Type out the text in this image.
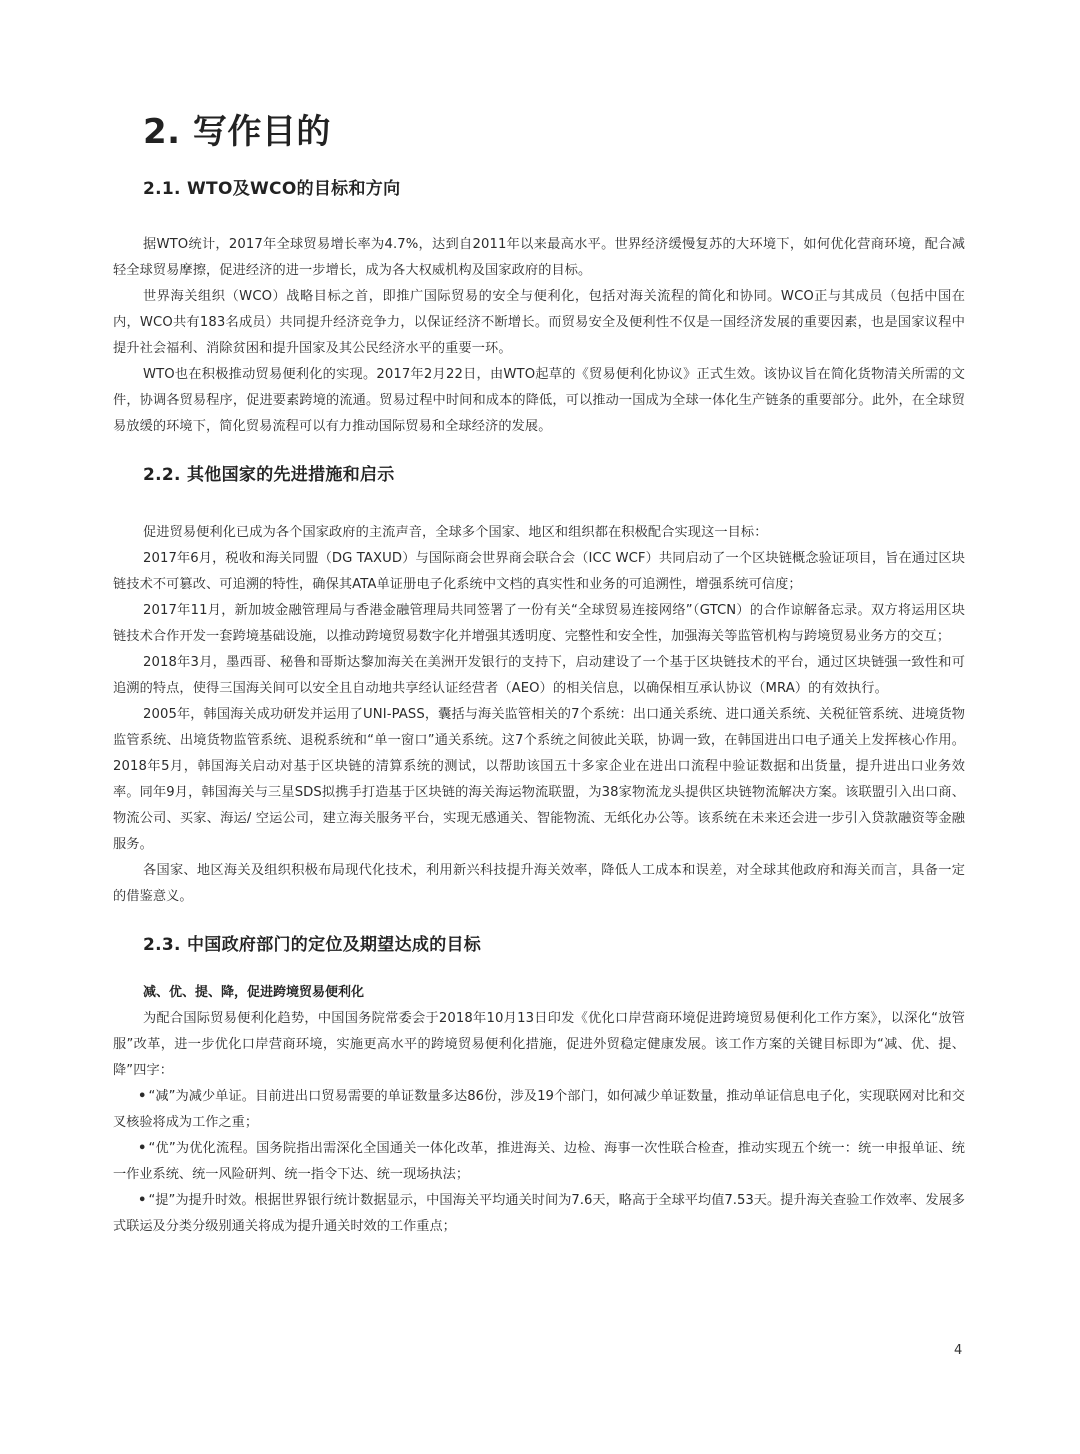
2. 写作目的
2.1. WTO及WCO的目标和方向

据WTO统计，2017年全球贸易增长率为4.7%，达到自2011年以来最高水平。世界经济缓慢复苏的大环境下，如何优化营商环境，配合减轻全球贸易摩擦，促进经济的进一步增长，成为各大权威机构及国家政府的目标。

世界海关组织（WCO）战略目标之首，即推广国际贸易的安全与便利化，包括对海关流程的简化和协同。WCO正与其成员（包括中国在内，WCO共有183名成员）共同提升经济竞争力，以保证经济不断增长。而贸易安全及便利性不仅是一国经济发展的重要因素，也是国家议程中提升社会福利、消除贫困和提升国家及其公民经济水平的重要一环。

WTO也在积极推动贸易便利化的实现。2017年2月22日，由WTO起草的《贸易便利化协议》正式生效。该协议旨在简化货物清关所需的文件，协调各贸易程序，促进要素跨境的流通。贸易过程中时间和成本的降低，可以推动一国成为全球一体化生产链条的重要部分。此外，在全球贸易放缓的环境下，简化贸易流程可以有力推动国际贸易和全球经济的发展。

2.2. 其他国家的先进措施和启示

促进贸易便利化已成为各个国家政府的主流声音，全球多个国家、地区和组织都在积极配合实现这一目标：

2017年6月，税收和海关同盟（DG TAXUD）与国际商会世界商会联合会（ICC WCF）共同启动了一个区块链概念验证项目，旨在通过区块链技术不可篡改、可追溯的特性，确保其ATA单证册电子化系统中文档的真实性和业务的可追溯性，增强系统可信度；

2017年11月，新加坡金融管理局与香港金融管理局共同签署了一份有关“全球贸易连接网络”（GTCN）的合作谅解备忘录。双方将运用区块链技术合作开发一套跨境基础设施，以推动跨境贸易数字化并增强其透明度、完整性和安全性，加强海关等监管机构与跨境贸易业务方的交互；

2018年3月，墨西哥、秘鲁和哥斯达黎加海关在美洲开发银行的支持下，启动建设了一个基于区块链技术的平台，通过区块链强一致性和可追溯的特点，使得三国海关间可以安全且自动地共享经认证经营者（AEO）的相关信息，以确保相互承认协议（MRA）的有效执行。

2005年，韩国海关成功研发并运用了UNI-PASS，囊括与海关监管相关的7个系统：出口通关系统、进口通关系统、关税征管系统、进境货物监管系统、出境货物监管系统、退税系统和“单一窗口”通关系统。这7个系统之间彼此关联，协调一致，在韩国进出口电子通关上发挥核心作用。2018年5月，韩国海关启动对基于区块链的清算系统的测试，以帮助该国五十多家企业在进出口流程中验证数据和出货量，提升进出口业务效率。同年9月，韩国海关与三星SDS拟携手打造基于区块链的海关海运物流联盟，为38家物流龙头提供区块链物流解决方案。该联盟引入出口商、物流公司、买家、海运/ 空运公司，建立海关服务平台，实现无感通关、智能物流、无纸化办公等。该系统在未来还会进一步引入贷款融资等金融服务。

各国家、地区海关及组织积极布局现代化技术，利用新兴科技提升海关效率，降低人工成本和误差，对全球其他政府和海关而言，具备一定的借鉴意义。

2.3. 中国政府部门的定位及期望达成的目标
减、优、提、降，促进跨境贸易便利化

为配合国际贸易便利化趋势，中国国务院常委会于2018年10月13日印发《优化口岸营商环境促进跨境贸易便利化工作方案》，以深化“放管服”改革，进一步优化口岸营商环境，实施更高水平的跨境贸易便利化措施，促进外贸稳定健康发展。该工作方案的关键目标即为“减、优、提、降”四字：

• “减”为减少单证。目前进出口贸易需要的单证数量多达86份，涉及19个部门，如何减少单证数量，推动单证信息电子化，实现联网对比和交叉核验将成为工作之重；

• “优”为优化流程。国务院指出需深化全国通关一体化改革，推进海关、边检、海事一次性联合检查，推动实现五个统一：统一申报单证、统一作业系统、统一风险研判、统一指令下达、统一现场执法；

• “提”为提升时效。根据世界银行统计数据显示，中国海关平均通关时间为7.6天，略高于全球平均值7.53天。提升海关查验工作效率、发展多式联运及分类分级别通关将成为提升通关时效的工作重点；

4
